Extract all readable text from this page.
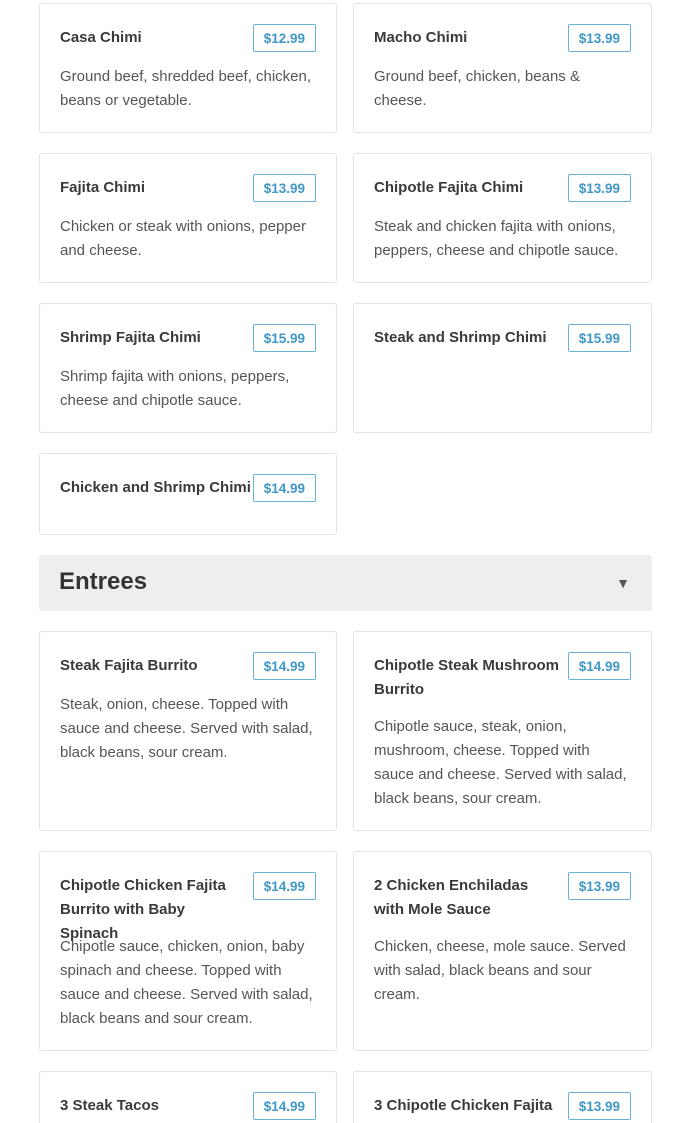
Casa Chimi	$12.99
Ground beef, shredded beef, chicken, beans or vegetable.
Macho Chimi	$13.99
Ground beef, chicken, beans & cheese.
Fajita Chimi	$13.99
Chicken or steak with onions, pepper and cheese.
Chipotle Fajita Chimi	$13.99
Steak and chicken fajita with onions, peppers, cheese and chipotle sauce.
Shrimp Fajita Chimi	$15.99
Shrimp fajita with onions, peppers, cheese and chipotle sauce.
Steak and Shrimp Chimi	$15.99
Chicken and Shrimp Chimi $14.99
Entrees	▼
Steak Fajita Burrito	$14.99
Steak, onion, cheese. Topped with sauce and cheese. Served with salad, black beans, sour cream.
Chipotle Steak Mushroom Burrito
$14.99
Chipotle sauce, steak, onion, mushroom, cheese. Topped with sauce and cheese. Served with salad, black beans, sour cream.
Chipotle Chicken Fajita Burrito with Baby Spinach
$14.99
Chipotle sauce, chicken, onion, baby spinach and cheese. Topped with sauce and cheese. Served with salad, black beans and sour cream.
2 Chicken Enchiladas with Mole Sauce
$13.99
Chicken, cheese, mole sauce. Served with salad, black beans and sour cream.
3 Steak Tacos	$14.99	3 Chipotle Chicken Fajita	$13.99
